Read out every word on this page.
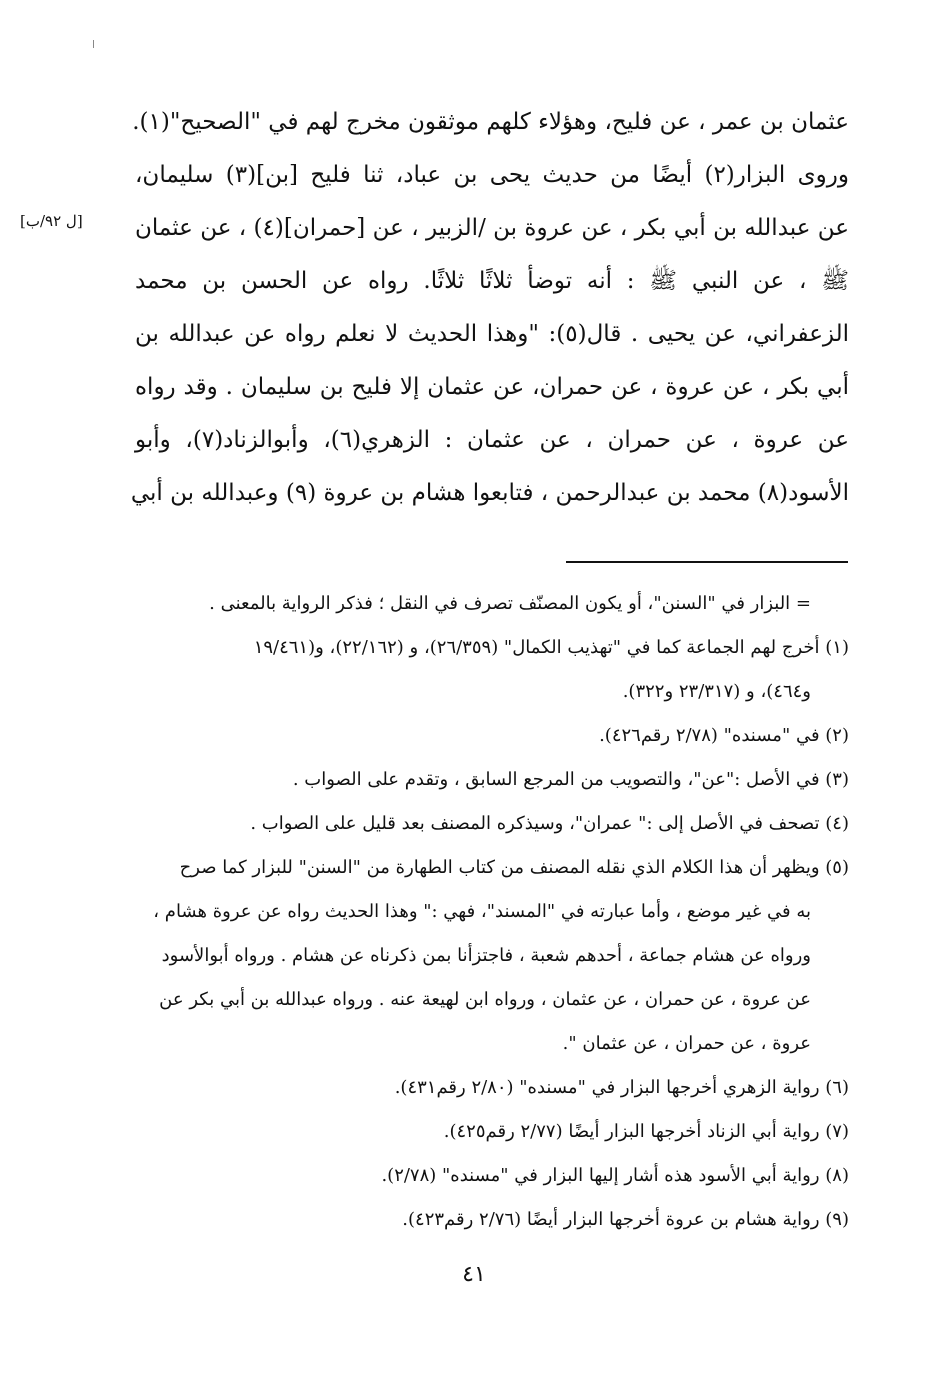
[ل ٩٢/ب]
عثمان بن عمر ، عن فليح، وهؤلاء كلهم موثقون مخرج لهم في "الصحيح"(١).
وروى البزار(٢) أيضًا من حديث يحى بن عباد، ثنا فليح [بن](٣) سليمان،
عن عبدالله بن أبي بكر ، عن عروة بن /الزبير ، عن [حمران](٤) ، عن عثمان
ﷺ ، عن النبي ﷺ : أنه توضأ ثلاثًا ثلاثًا. رواه عن الحسن بن محمد
الزعفراني، عن يحيى . قال(٥): "وهذا الحديث لا نعلم رواه عن عبدالله بن
أبي بكر ، عن عروة ، عن حمران، عن عثمان إلا فليح بن سليمان . وقد رواه
عن عروة ، عن حمران ، عن عثمان : الزهري(٦)، وأبوالزناد(٧)، وأبو
الأسود(٨) محمد بن عبدالرحمن ، فتابعوا هشام بن عروة (٩) وعبدالله بن أبي
= البزار في "السنن"، أو يكون المصنّف تصرف في النقل ؛ فذكر الرواية بالمعنى .
(١) أخرج لهم الجماعة كما في "تهذيب الكمال" (٢٦/٣٥٩)، و (٢٢/١٦٢)، و(١٩/٤٦١
و٤٦٤)، و (٢٣/٣١٧ و٣٢٢).
(٢) في "مسنده" (٢/٧٨ رقم٤٢٦).
(٣) في الأصل :"عن"، والتصويب من المرجع السابق ، وتقدم على الصواب .
(٤) تصحف في الأصل إلى :" عمران"، وسيذكره المصنف بعد قليل على الصواب .
(٥) ويظهر أن هذا الكلام الذي نقله المصنف من كتاب الطهارة من "السنن" للبزار كما صرح
به في غير موضع ، وأما عبارته في "المسند"، فهي :" وهذا الحديث رواه عن عروة هشام ،
ورواه عن هشام جماعة ، أحدهم شعبة ، فاجتزأنا بمن ذكرناه عن هشام . ورواه أبوالأسود
عن عروة ، عن حمران ، عن عثمان ، ورواه ابن لهيعة عنه . ورواه عبدالله بن أبي بكر عن
عروة ، عن حمران ، عن عثمان ".
(٦) رواية الزهري أخرجها البزار في "مسنده" (٢/٨٠ رقم٤٣١).
(٧) رواية أبي الزناد أخرجها البزار أيضًا (٢/٧٧ رقم٤٢٥).
(٨) رواية أبي الأسود هذه أشار إليها البزار في "مسنده" (٢/٧٨).
(٩) رواية هشام بن عروة أخرجها البزار أيضًا (٢/٧٦ رقم٤٢٣).
٤١
